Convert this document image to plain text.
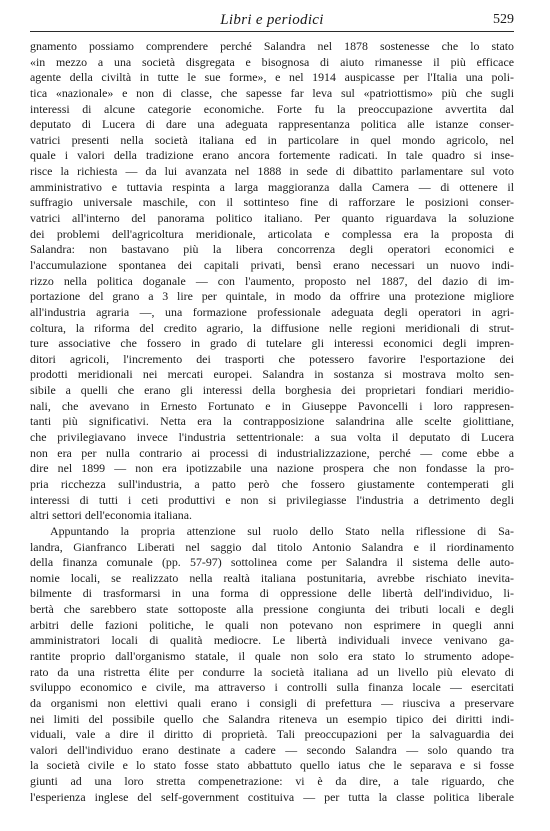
Libri e periodici	529
gnamento possiamo comprendere perché Salandra nel 1878 sostenesse che lo stato
«in mezzo a una società disgregata e bisognosa di aiuto rimanesse il più efficace
agente della civiltà in tutte le sue forme», e nel 1914 auspicasse per l'Italia una poli-
tica «nazionale» e non di classe, che sapesse far leva sul «patriottismo» più che sugli
interessi di alcune categorie economiche. Forte fu la preoccupazione avvertita dal
deputato di Lucera di dare una adeguata rappresentanza politica alle istanze conser-
vatrici presenti nella società italiana ed in particolare in quel mondo agricolo, nel
quale i valori della tradizione erano ancora fortemente radicati. In tale quadro si inse-
risce la richiesta — da lui avanzata nel 1888 in sede di dibattito parlamentare sul voto
amministrativo e tuttavia respinta a larga maggioranza dalla Camera — di ottenere il
suffragio universale maschile, con il sottinteso fine di rafforzare le posizioni conser-
vatrici all'interno del panorama politico italiano. Per quanto riguardava la soluzione
dei problemi dell'agricoltura meridionale, articolata e complessa era la proposta di
Salandra: non bastavano più la libera concorrenza degli operatori economici e
l'accumulazione spontanea dei capitali privati, bensì erano necessari un nuovo indi-
rizzo nella politica doganale — con l'aumento, proposto nel 1887, del dazio di im-
portazione del grano a 3 lire per quintale, in modo da offrire una protezione migliore
all'industria agraria —, una formazione professionale adeguata degli operatori in agri-
coltura, la riforma del credito agrario, la diffusione nelle regioni meridionali di strut-
ture associative che fossero in grado di tutelare gli interessi economici degli impren-
ditori agricoli, l'incremento dei trasporti che potessero favorire l'esportazione dei
prodotti meridionali nei mercati europei. Salandra in sostanza si mostrava molto sen-
sibile a quelli che erano gli interessi della borghesia dei proprietari fondiari meridio-
nali, che avevano in Ernesto Fortunato e in Giuseppe Pavoncelli i loro rappresen-
tanti più significativi. Netta era la contrapposizione salandrina alle scelte giolittiane,
che privilegiavano invece l'industria settentrionale: a sua volta il deputato di Lucera
non era per nulla contrario ai processi di industrializzazione, perché — come ebbe a
dire nel 1899 — non era ipotizzabile una nazione prospera che non fondasse la pro-
pria ricchezza sull'industria, a patto però che fossero giustamente contemperati gli
interessi di tutti i ceti produttivi e non si privilegiasse l'industria a detrimento degli
altri settori dell'economia italiana.
Appuntando la propria attenzione sul ruolo dello Stato nella riflessione di Sa-
landra, Gianfranco Liberati nel saggio dal titolo Antonio Salandra e il riordinamento
della finanza comunale (pp. 57-97) sottolinea come per Salandra il sistema delle auto-
nomie locali, se realizzato nella realtà italiana postunitaria, avrebbe rischiato inevita-
bilmente di trasformarsi in una forma di oppressione delle libertà dell'individuo, li-
bertà che sarebbero state sottoposte alla pressione congiunta dei tributi locali e degli
arbitri delle fazioni politiche, le quali non potevano non esprimere in quegli anni
amministratori locali di qualità mediocre. Le libertà individuali invece venivano ga-
rantite proprio dall'organismo statale, il quale non solo era stato lo strumento adope-
rato da una ristretta élite per condurre la società italiana ad un livello più elevato di
sviluppo economico e civile, ma attraverso i controlli sulla finanza locale — esercitati
da organismi non elettivi quali erano i consigli di prefettura — riusciva a preservare
nei limiti del possibile quello che Salandra riteneva un esempio tipico dei diritti indi-
viduali, vale a dire il diritto di proprietà. Tali preoccupazioni per la salvaguardia dei
valori dell'individuo erano destinate a cadere — secondo Salandra — solo quando tra
la società civile e lo stato fosse stato abbattuto quello iatus che le separava e si fosse
giunti ad una loro stretta compenetrazione: vi è da dire, a tale riguardo, che
l'esperienza inglese del self-government costituiva — per tutta la classe politica liberale
